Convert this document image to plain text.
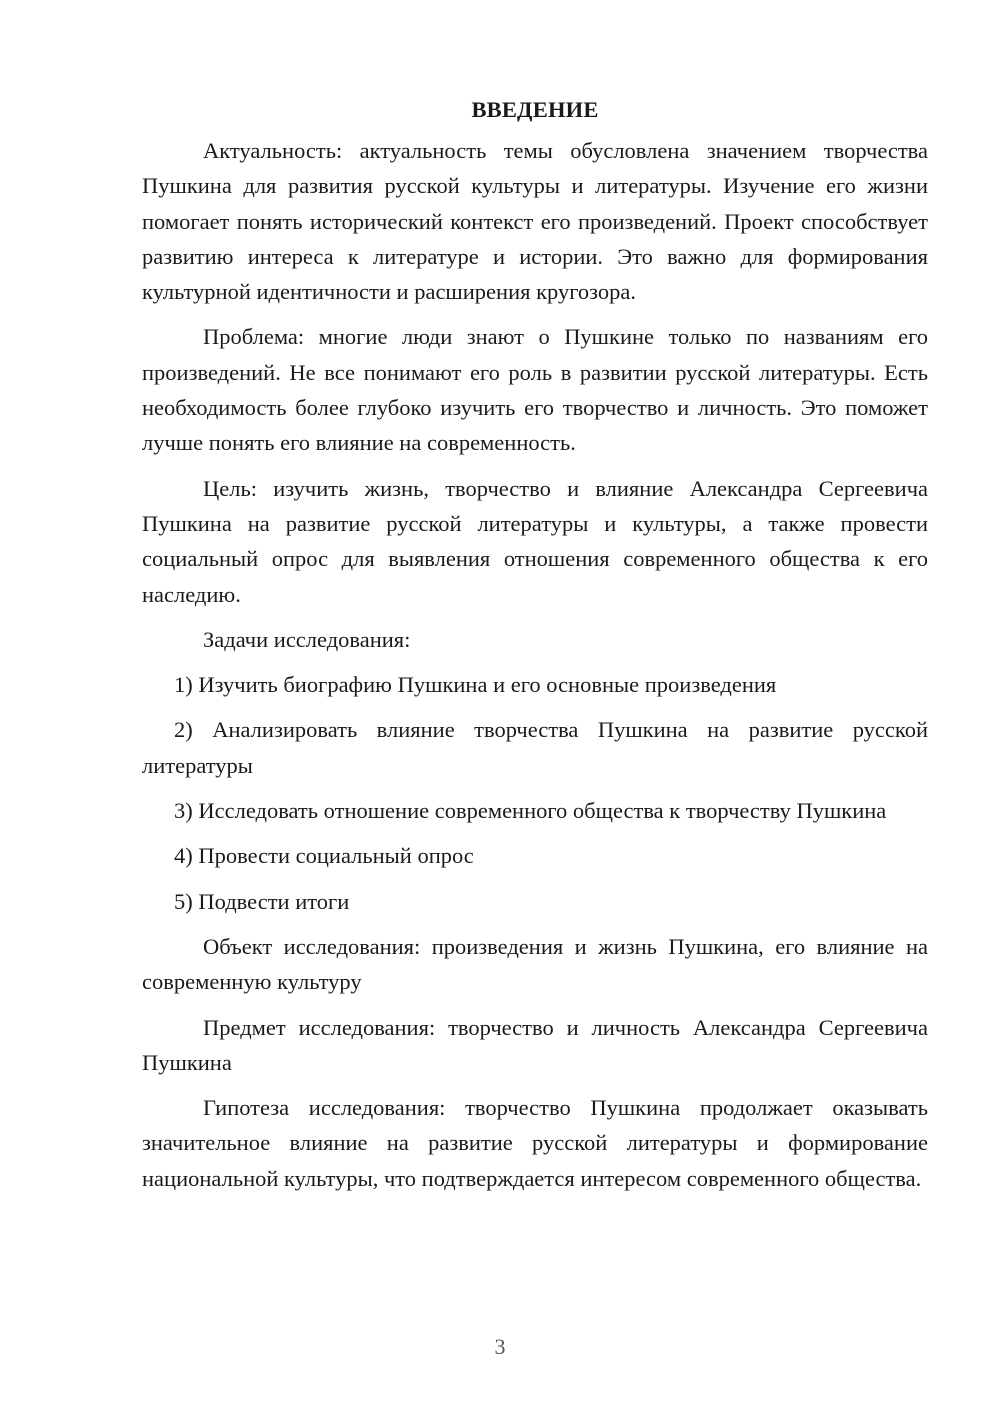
ВВЕДЕНИЕ

Актуальность: актуальность темы обусловлена значением творчества Пушкина для развития русской культуры и литературы. Изучение его жизни помогает понять исторический контекст его произведений. Проект способствует развитию интереса к литературе и истории. Это важно для формирования культурной идентичности и расширения кругозора.

Проблема: многие люди знают о Пушкине только по названиям его произведений. Не все понимают его роль в развитии русской литературы. Есть необходимость более глубоко изучить его творчество и личность. Это поможет лучше понять его влияние на современность.

Цель: изучить жизнь, творчество и влияние Александра Сергеевича Пушкина на развитие русской литературы и культуры, а также провести социальный опрос для выявления отношения современного общества к его наследию.

Задачи исследования:

1) Изучить биографию Пушкина и его основные произведения

2) Анализировать влияние творчества Пушкина на развитие русской литературы

3) Исследовать отношение современного общества к творчеству Пушкина

4) Провести социальный опрос

5) Подвести итоги

Объект исследования: произведения и жизнь Пушкина, его влияние на современную культуру

Предмет исследования: творчество и личность Александра Сергеевича Пушкина

Гипотеза исследования: творчество Пушкина продолжает оказывать значительное влияние на развитие русской литературы и формирование национальной культуры, что подтверждается интересом современного общества.

3
